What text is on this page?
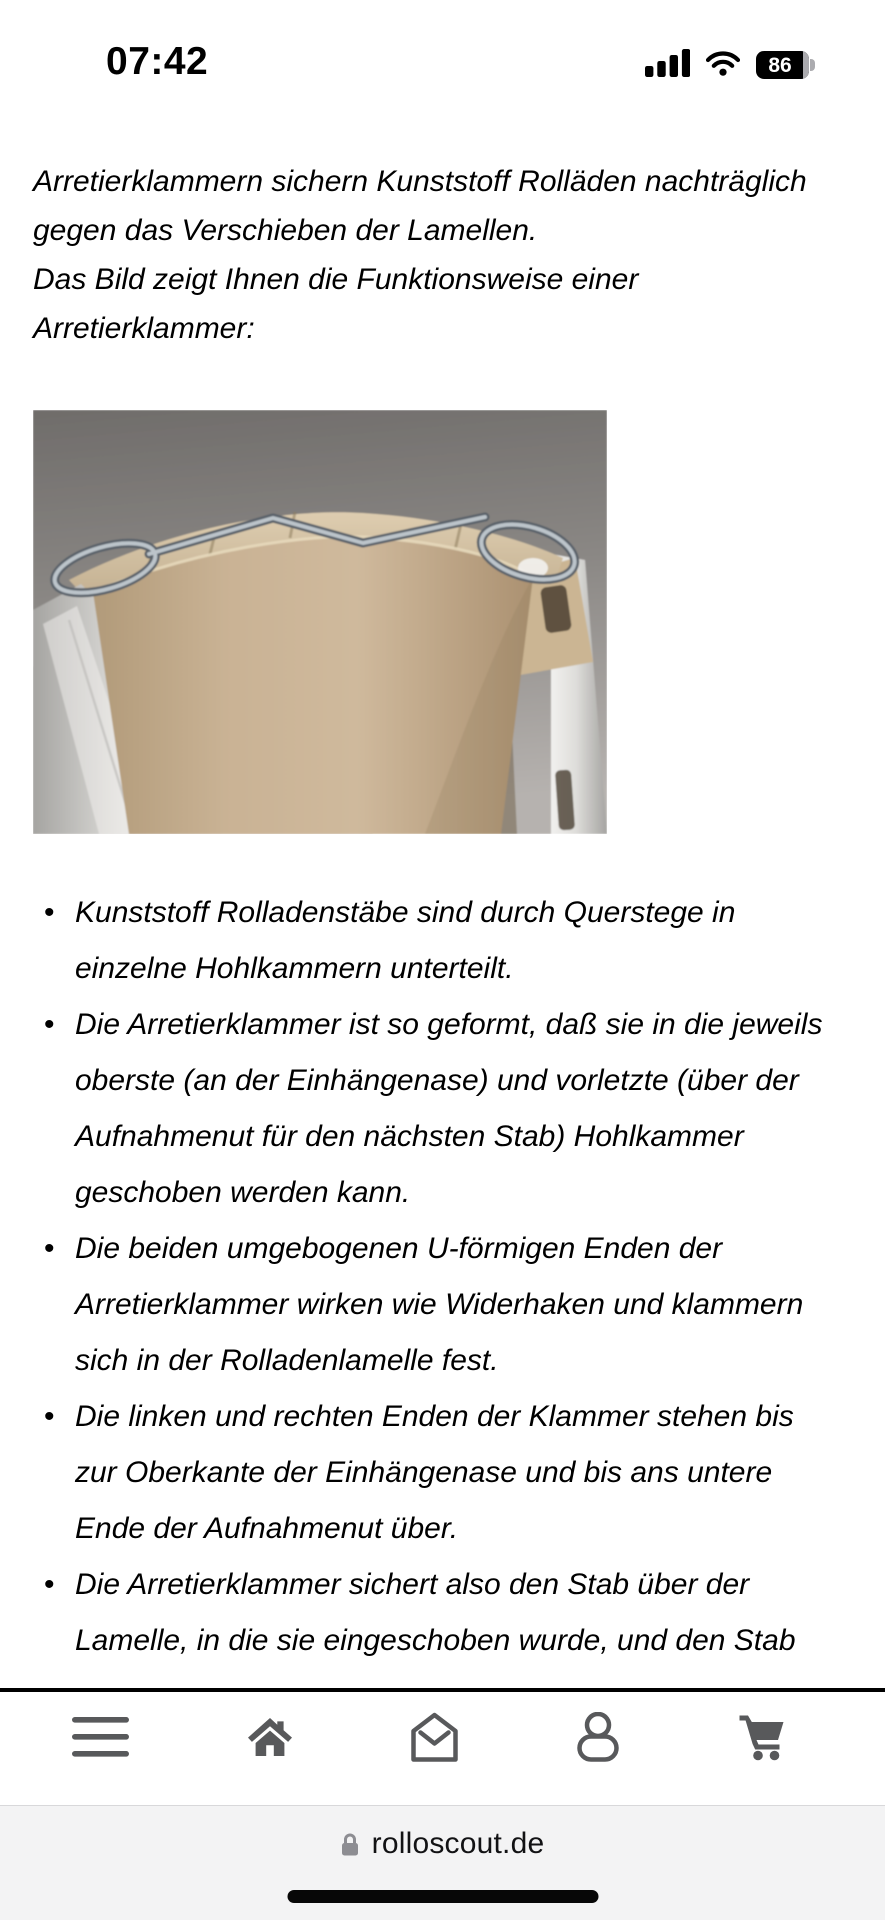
07:42	86
Arretierklammern sichern Kunststoff Rolläden nachträglich
gegen das Verschieben der Lamellen.
Das Bild zeigt Ihnen die Funktionsweise einer
Arretierklammer:
• Kunststoff Rolladenstäbe sind durch Querstege in
einzelne Hohlkammern unterteilt.
• Die Arretierklammer ist so geformt, daß sie in die jeweils
oberste (an der Einhängenase) und vorletzte (über der
Aufnahmenut für den nächsten Stab) Hohlkammer
geschoben werden kann.
• Die beiden umgebogenen U-förmigen Enden der
Arretierklammer wirken wie Widerhaken und klammern
sich in der Rolladenlamelle fest.
• Die linken und rechten Enden der Klammer stehen bis
zur Oberkante der Einhängenase und bis ans untere
Ende der Aufnahmenut über.
• Die Arretierklammer sichert also den Stab über der
Lamelle, in die sie eingeschoben wurde, und den Stab
rolloscout.de
